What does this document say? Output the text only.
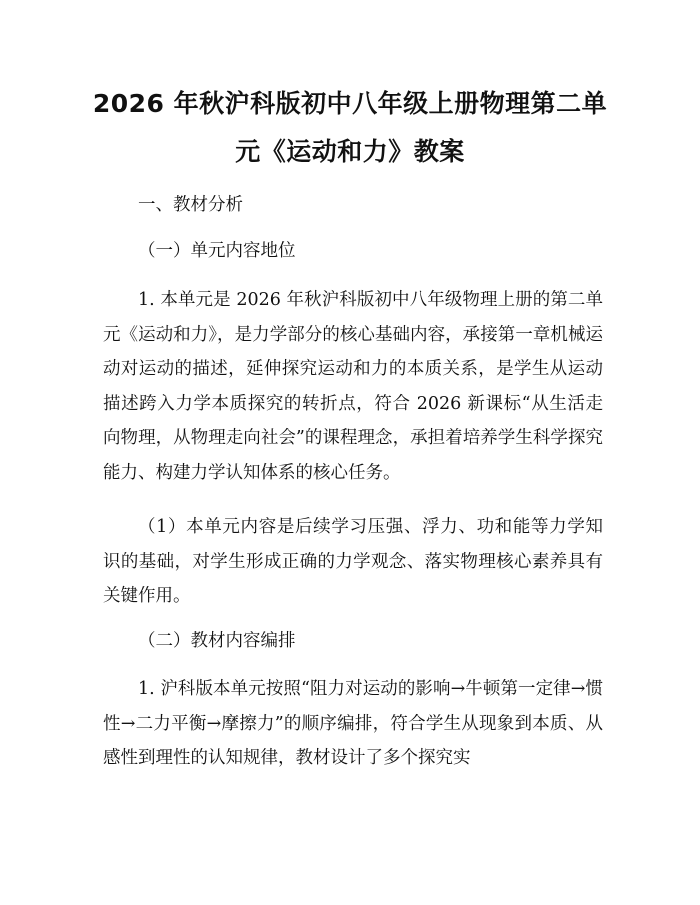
2026 年秋沪科版初中八年级上册物理第二单
元《运动和力》教案

一、教材分析

（一）单元内容地位

1. 本单元是 2026 年秋沪科版初中八年级物理上册的第二单元《运动和力》，是力学部分的核心基础内容，承接第一章机械运动对运动的描述，延伸探究运动和力的本质关系，是学生从运动描述跨入力学本质探究的转折点，符合 2026 新课标“从生活走向物理，从物理走向社会”的课程理念，承担着培养学生科学探究能力、构建力学认知体系的核心任务。

（1）本单元内容是后续学习压强、浮力、功和能等力学知识的基础，对学生形成正确的力学观念、落实物理核心素养具有关键作用。

（二）教材内容编排

1. 沪科版本单元按照“阻力对运动的影响→牛顿第一定律→惯性→二力平衡→摩擦力”的顺序编排，符合学生从现象到本质、从感性到理性的认知规律，教材设计了多个探究实
